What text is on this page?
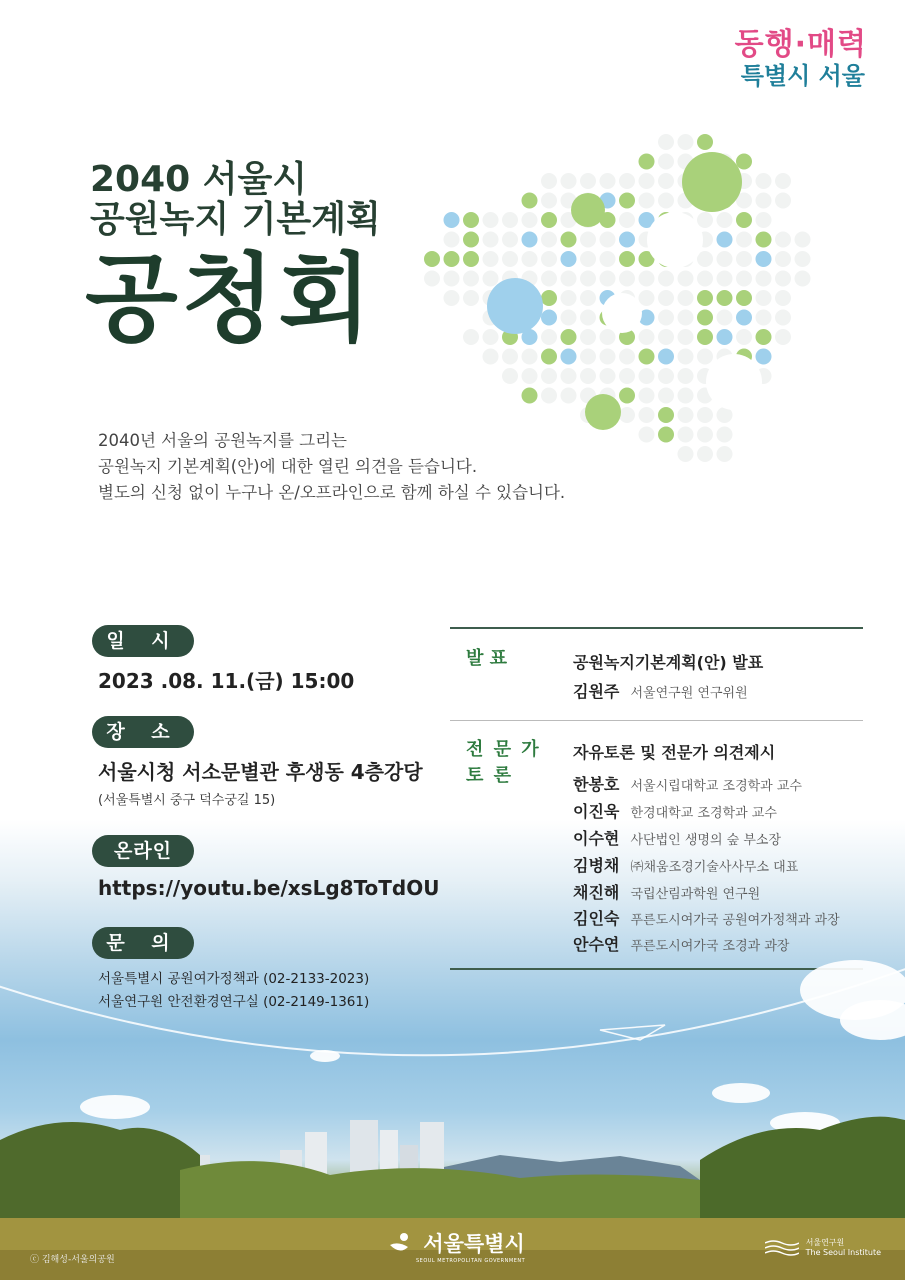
동행·매력
특별시 서울
2040 서울시
공원녹지 기본계획
공청회
2040년 서울의 공원녹지를 그리는
공원녹지 기본계획(안)에 대한 열린 의견을 듣습니다.
별도의 신청 없이 누구나 온/오프라인으로 함께 하실 수 있습니다.
일 시
2023 .08. 11.(금) 15:00
장 소
서울시청 서소문별관 후생동 4층강당
(서울특별시 중구 덕수궁길 15)
온라인
https://youtu.be/xsLg8ToTdOU
문 의
서울특별시 공원여가정책과 (02-2133-2023)
서울연구원 안전환경연구실 (02-2149-1361)
발 표	공원녹지기본계획(안) 발표
김원주 서울연구원 연구위원
전 문 가
토 론
자유토론 및 전문가 의견제시
한봉호 서울시립대학교 조경학과 교수
이진욱 한경대학교 조경학과 교수
이수현 사단법인 생명의 숲 부소장
김병채 ㈜채움조경기술사사무소 대표
채진해 국립산림과학원 연구원
김인숙 푸른도시여가국 공원여가정책과 과장
안수연 푸른도시여가국 조경과 과장
ⓒ 김해성-서울의공원
서울특별시
SEOUL METROPOLITAN GOVERNMENT
서울연구원
The Seoul Institute
